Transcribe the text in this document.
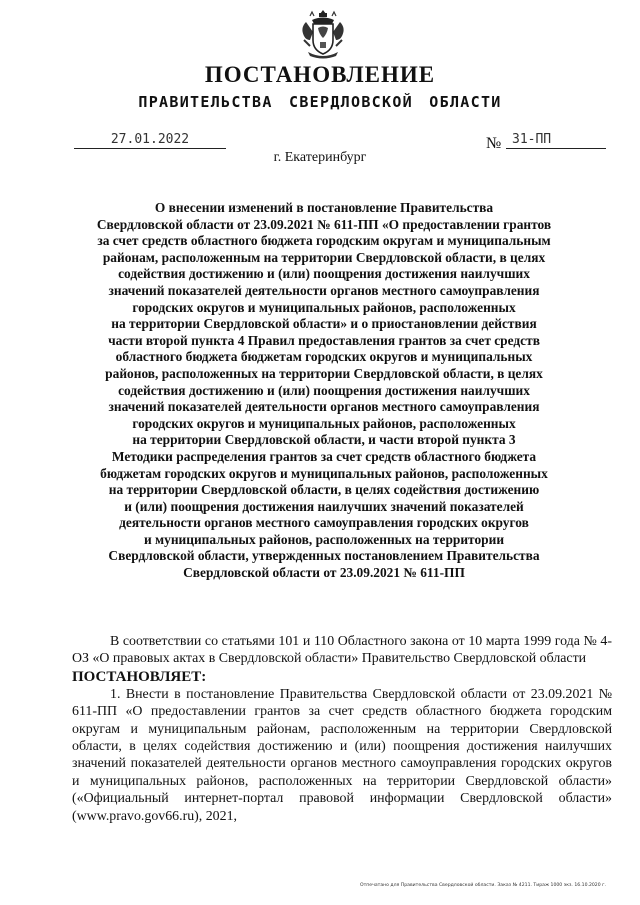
ПОСТАНОВЛЕНИЕ
ПРАВИТЕЛЬСТВА СВЕРДЛОВСКОЙ ОБЛАСТИ
27.01.2022	№ 31-ПП
г. Екатеринбург
О внесении изменений в постановление Правительства
Свердловской области от 23.09.2021 № 611-ПП «О предоставлении грантов
за счет средств областного бюджета городским округам и муниципальным
районам, расположенным на территории Свердловской области, в целях
содействия достижению и (или) поощрения достижения наилучших
значений показателей деятельности органов местного самоуправления
городских округов и муниципальных районов, расположенных
на территории Свердловской области» и о приостановлении действия
части второй пункта 4 Правил предоставления грантов за счет средств
областного бюджета бюджетам городских округов и муниципальных
районов, расположенных на территории Свердловской области, в целях
содействия достижению и (или) поощрения достижения наилучших
значений показателей деятельности органов местного самоуправления
городских округов и муниципальных районов, расположенных
на территории Свердловской области, и части второй пункта 3
Методики распределения грантов за счет средств областного бюджета
бюджетам городских округов и муниципальных районов, расположенных
на территории Свердловской области, в целях содействия достижению
и (или) поощрения достижения наилучших значений показателей
деятельности органов местного самоуправления городских округов
и муниципальных районов, расположенных на территории
Свердловской области, утвержденных постановлением Правительства
Свердловской области от 23.09.2021 № 611-ПП

В соответствии со статьями 101 и 110 Областного закона от 10 марта 1999 года № 4-ОЗ «О правовых актах в Свердловской области» Правительство Свердловской области

ПОСТАНОВЛЯЕТ:

1. Внести в постановление Правительства Свердловской области от 23.09.2021 № 611-ПП «О предоставлении грантов за счет средств областного бюджета городским округам и муниципальным районам, расположенным на территории Свердловской области, в целях содействия достижению и (или) поощрения достижения наилучших значений показателей деятельности органов местного самоуправления городских округов и муниципальных районов, расположенных на территории Свердловской области» («Официальный интернет-портал правовой информации Свердловской области» (www.pravo.gov66.ru), 2021,

Отпечатано для Правительства Свердловской области. Заказ № 4211. Тираж 1000 экз. 16.10.2020 г.
